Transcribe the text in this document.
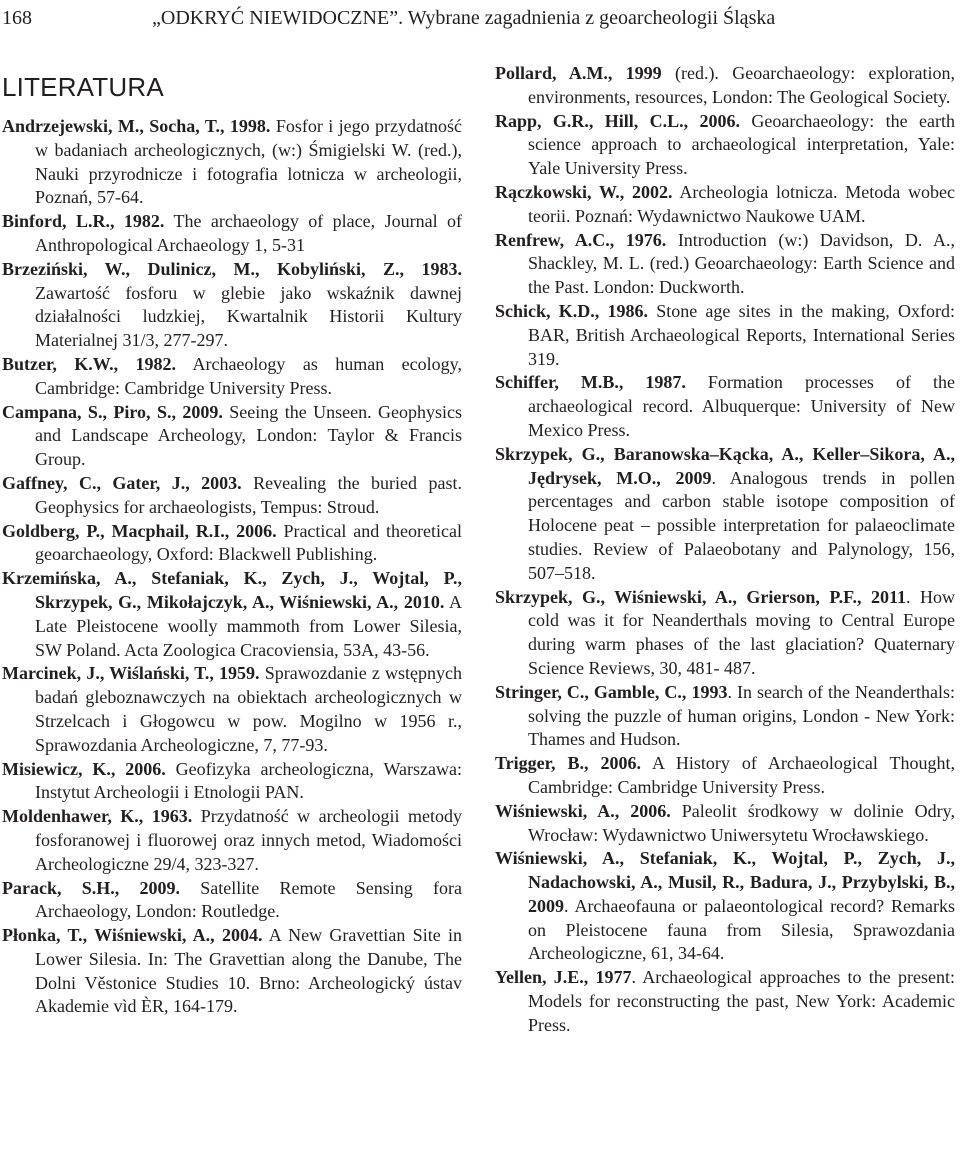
168	„ODKRYĆ NIEWIDOCZNE”. Wybrane zagadnienia z geoarcheologii Śląska
LITERATURA

Andrzejewski, M., Socha, T., 1998. Fosfor i jego przydatność w badaniach archeologicznych, (w:) Śmigielski W. (red.), Nauki przyrodnicze i fotografia lotnicza w archeologii, Poznań, 57-64.

Binford, L.R., 1982. The archaeology of place, Journal of Anthropological Archaeology 1, 5-31

Brzeziński, W., Dulinicz, M., Kobyliński, Z., 1983. Zawartość fosforu w glebie jako wskaźnik dawnej działalności ludzkiej, Kwartalnik Historii Kultury Materialnej 31/3, 277-297.

Butzer, K.W., 1982. Archaeology as human ecology, Cambridge: Cambridge University Press.

Campana, S., Piro, S., 2009. Seeing the Unseen. Geophysics and Landscape Archeology, London: Taylor & Francis Group.

Gaffney, C., Gater, J., 2003. Revealing the buried past. Geophysics for archaeologists, Tempus: Stroud.

Goldberg, P., Macphail, R.I., 2006. Practical and theoretical geoarchaeology, Oxford: Blackwell Publishing.

Krzemińska, A., Stefaniak, K., Zych, J., Wojtal, P., Skrzypek, G., Mikołajczyk, A., Wiśniewski, A., 2010. A Late Pleistocene woolly mammoth from Lower Silesia, SW Poland. Acta Zoologica Cracoviensia, 53A, 43-56.

Marcinek, J., Wiślański, T., 1959. Sprawozdanie z wstępnych badań gleboznawczych na obiektach archeologicznych w Strzelcach i Głogowcu w pow. Mogilno w 1956 r., Sprawozdania Archeologiczne, 7, 77-93.

Misiewicz, K., 2006. Geofizyka archeologiczna, Warszawa: Instytut Archeologii i Etnologii PAN.

Moldenhawer, K., 1963. Przydatność w archeologii metody fosforanowej i fluorowej oraz innych metod, Wiadomości Archeologiczne 29/4, 323-327.

Parack, S.H., 2009. Satellite Remote Sensing fora Archaeology, London: Routledge.

Płonka, T., Wiśniewski, A., 2004. A New Gravettian Site in Lower Silesia. In: The Gravettian along the Danube, The Dolni Věstonice Studies 10. Brno: Archeologický ústav Akademie vìd ÈR, 164-179.

Pollard, A.M., 1999 (red.). Geoarchaeology: exploration, environments, resources, London: The Geological Society.

Rapp, G.R., Hill, C.L., 2006. Geoarchaeology: the earth science approach to archaeological interpretation, Yale: Yale University Press.

Rączkowski, W., 2002. Archeologia lotnicza. Metoda wobec teorii. Poznań: Wydawnictwo Naukowe UAM.

Renfrew, A.C., 1976. Introduction (w:) Davidson, D. A., Shackley, M. L. (red.) Geoarchaeology: Earth Science and the Past. London: Duckworth.

Schick, K.D., 1986. Stone age sites in the making, Oxford: BAR, British Archaeological Reports, International Series 319.

Schiffer, M.B., 1987. Formation processes of the archaeological record. Albuquerque: University of New Mexico Press.

Skrzypek, G., Baranowska–Kącka, A., Keller–Sikora, A., Jędrysek, M.O., 2009. Analogous trends in pollen percentages and carbon stable isotope composition of Holocene peat – possible interpretation for palaeoclimate studies. Review of Palaeobotany and Palynology, 156, 507–518.

Skrzypek, G., Wiśniewski, A., Grierson, P.F., 2011. How cold was it for Neanderthals moving to Central Europe during warm phases of the last glaciation? Quaternary Science Reviews, 30, 481- 487.

Stringer, C., Gamble, C., 1993. In search of the Neanderthals: solving the puzzle of human origins, London - New York: Thames and Hudson.

Trigger, B., 2006. A History of Archaeological Thought, Cambridge: Cambridge University Press.

Wiśniewski, A., 2006. Paleolit środkowy w dolinie Odry, Wrocław: Wydawnictwo Uniwersytetu Wrocławskiego.

Wiśniewski, A., Stefaniak, K., Wojtal, P., Zych, J., Nadachowski, A., Musil, R., Badura, J., Przybylski, B., 2009. Archaeofauna or palaeontological record? Remarks on Pleistocene fauna from Silesia, Sprawozdania Archeologiczne, 61, 34-64.

Yellen, J.E., 1977. Archaeological approaches to the present: Models for reconstructing the past, New York: Academic Press.
